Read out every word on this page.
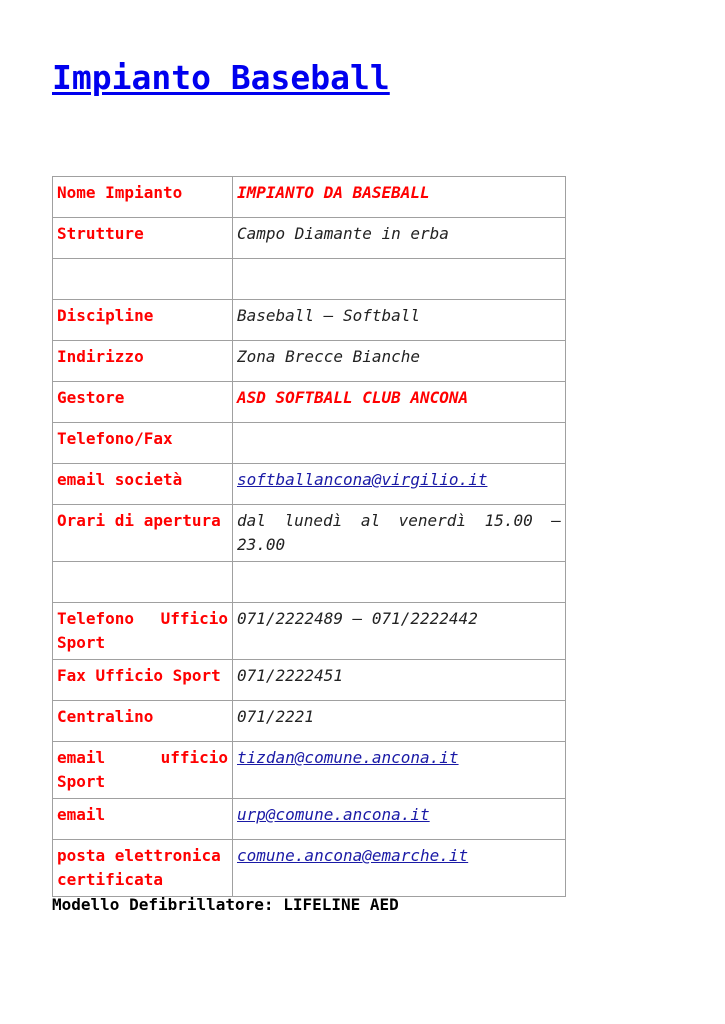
Impianto Baseball
Nome Impianto	IMPIANTO DA BASEBALL
Strutture	Campo Diamante in erba

Discipline	Baseball – Softball
Indirizzo	Zona Brecce Bianche
Gestore	ASD SOFTBALL CLUB ANCONA
Telefono/Fax	
email società	softballancona@virgilio.it
Orari di apertura	dal lunedì al venerdì 15.00 – 23.00

Telefono Ufficio Sport	071/2222489 – 071/2222442
Fax Ufficio Sport	071/2222451
Centralino	071/2221
email ufficio Sport	tizdan@comune.ancona.it
email	urp@comune.ancona.it
posta elettronica certificata	comune.ancona@emarche.it

Modello Defibrillatore: LIFELINE AED
